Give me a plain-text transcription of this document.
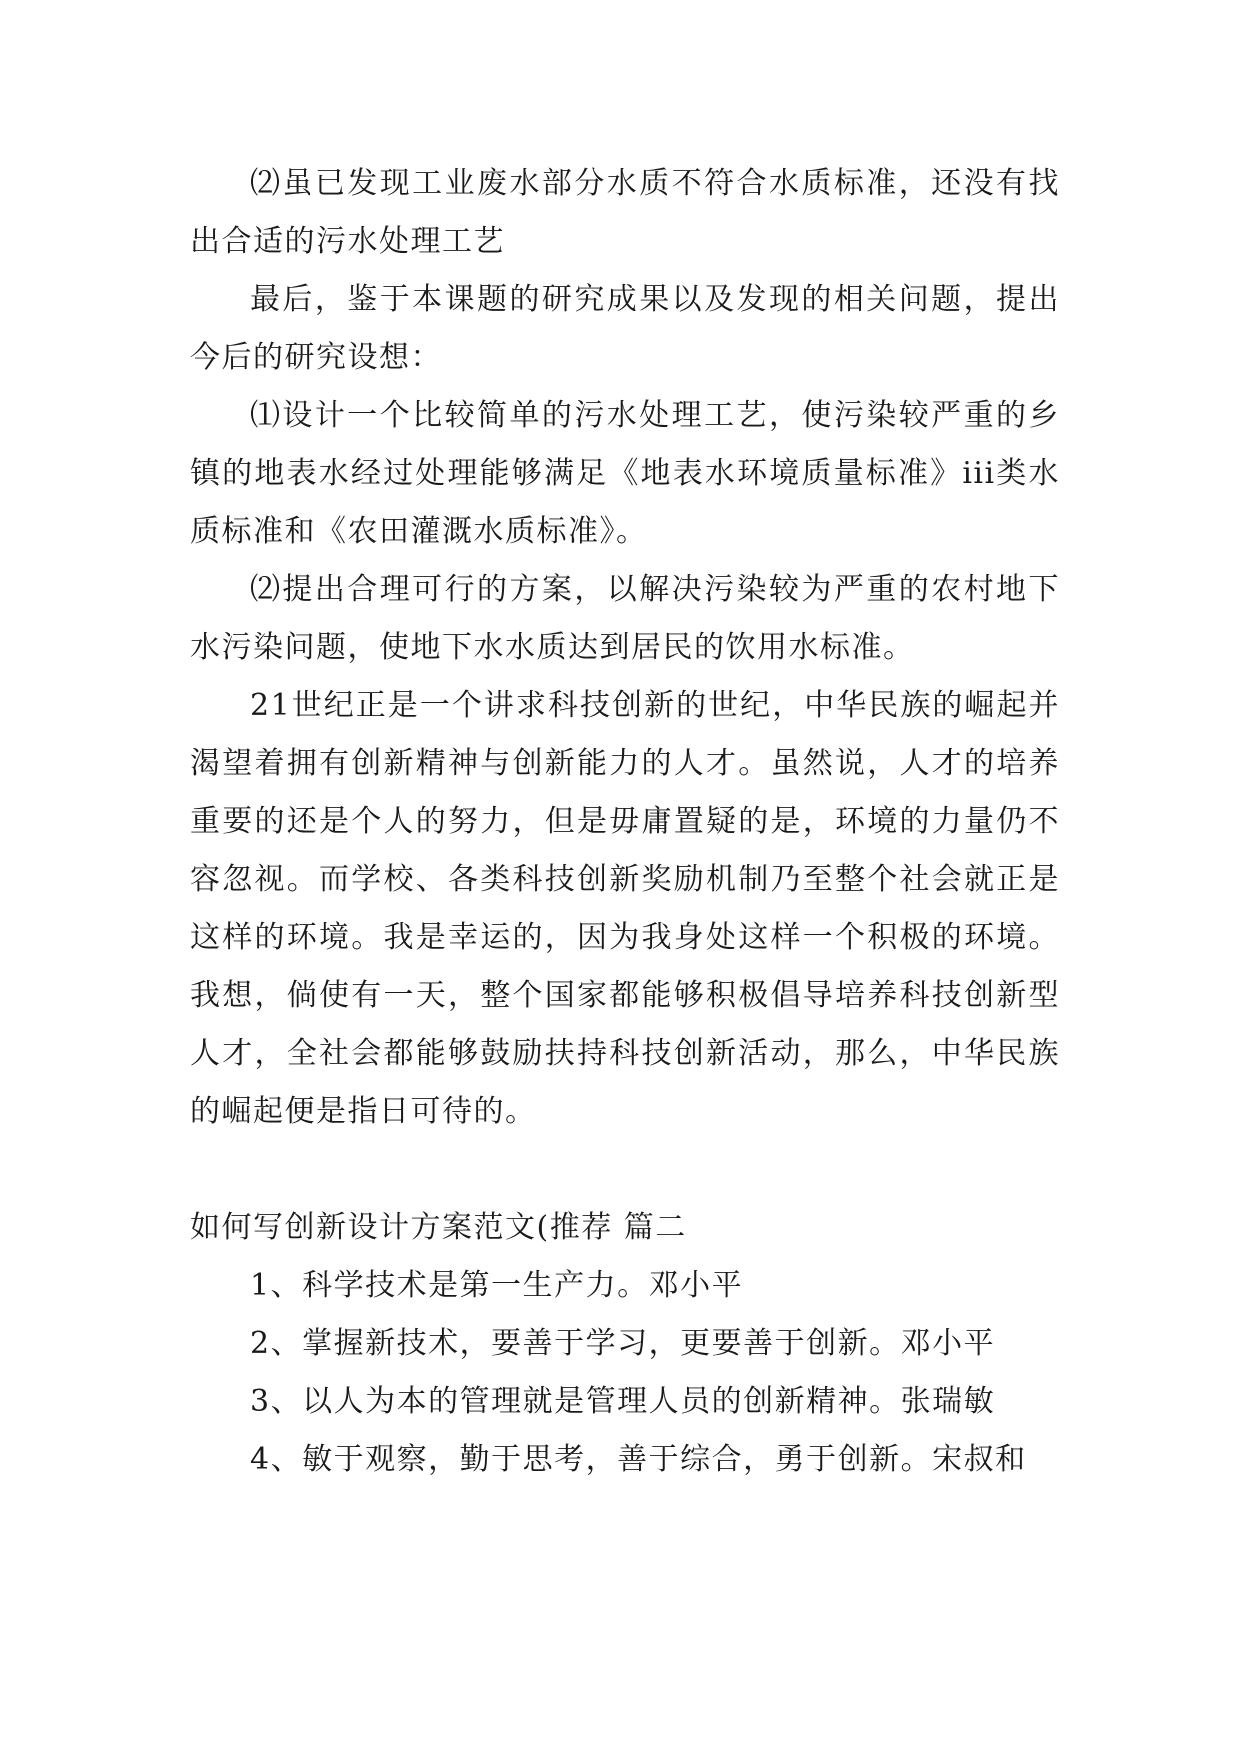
⑵虽已发现工业废水部分水质不符合水质标准，还没有找出合适的污水处理工艺

最后，鉴于本课题的研究成果以及发现的相关问题，提出今后的研究设想：

⑴设计一个比较简单的污水处理工艺，使污染较严重的乡镇的地表水经过处理能够满足《地表水环境质量标准》iii类水质标准和《农田灌溉水质标准》。

⑵提出合理可行的方案，以解决污染较为严重的农村地下水污染问题，使地下水水质达到居民的饮用水标准。

21世纪正是一个讲求科技创新的世纪，中华民族的崛起并渴望着拥有创新精神与创新能力的人才。虽然说，人才的培养重要的还是个人的努力，但是毋庸置疑的是，环境的力量仍不容忽视。而学校、各类科技创新奖励机制乃至整个社会就正是这样的环境。我是幸运的，因为我身处这样一个积极的环境。我想，倘使有一天，整个国家都能够积极倡导培养科技创新型人才，全社会都能够鼓励扶持科技创新活动，那么，中华民族的崛起便是指日可待的。

如何写创新设计方案范文(推荐 篇二

1、科学技术是第一生产力。邓小平

2、掌握新技术，要善于学习，更要善于创新。邓小平

3、以人为本的管理就是管理人员的创新精神。张瑞敏

4、敏于观察，勤于思考，善于综合，勇于创新。宋叔和
